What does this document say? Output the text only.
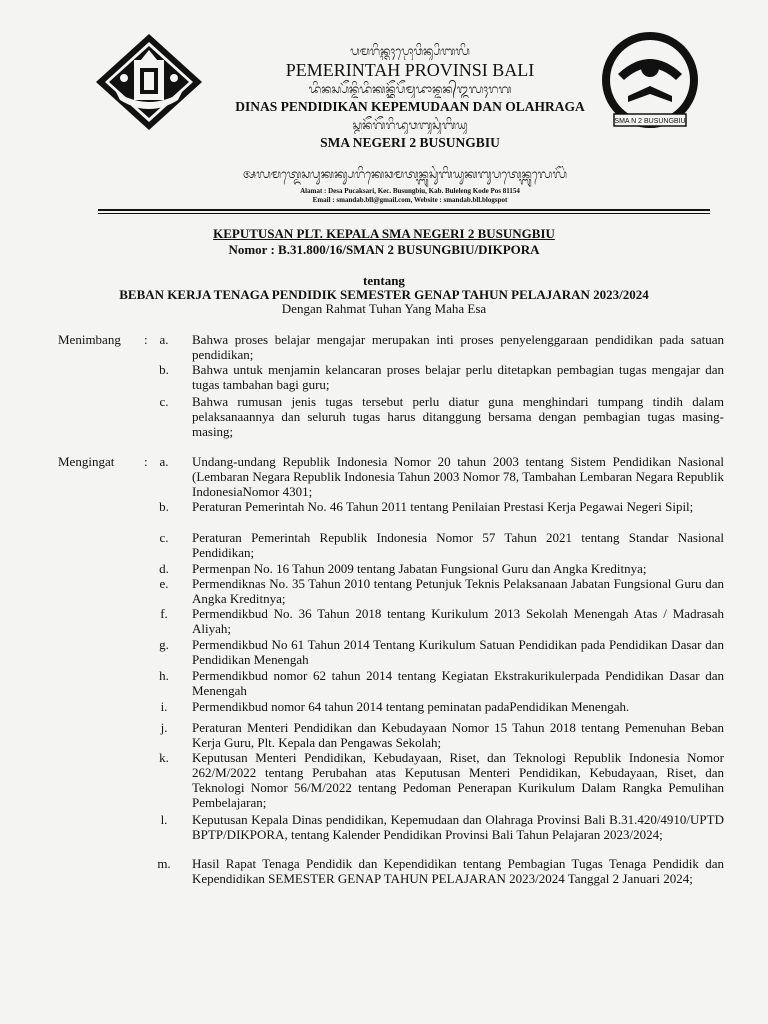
SMA N 2 BUSUNGBIU
ᬧᬫᬭᬶᬦ᭄ᬢᬄᬧ᭄ᬭᭀᬯᬶᬦ᭄ᬲᬶᬩᬮᬶ
PEMERINTAH PROVINSI BALI
ᬤᬶᬦᬲ᭄ᬧᭂᬦ᭄ᬤᬶᬤᬶᬓᬦ᭄ᬓᭂᬧᭂᬫᬸᬤᬵᬦ᭄ᬤᬦ᭄ᬑᬮᬄᬭᬕ
DINAS PENDIDIKAN KEPEMUDAAN DAN OLAHRAGA
ᬲ᭄ᬫᬦᭂᬕᭂᬭᬶᬤᬸᬯᬩᬸᬲᬸᬂᬩᬶᬬᬸ
SMA NEGERI 2 BUSUNGBIU
ᬅᬮᬫᬢ᭄ᬤᬾᬲᬧᬸᬓᬓ᭄ᬲᬭᬶᬓᬾᬘᬫᬢᬦ᭄ᬩᬸᬲᬸᬂᬩᬶᬬᬸᬓᬩᬸᬧᬢᬾᬦ᭄ᬩᬸᬮᬾᬮᭂᬂ
Alamat : Desa Pucaksari, Kec. Busungbiu, Kab. Buleleng Kode Pos 81154
Email : smandab.bll@gmail.com, Website : smandab.bll.blogspot
KEPUTUSAN PLT. KEPALA SMA NEGERI 2 BUSUNGBIU
Nomor : B.31.800/16/SMAN 2 BUSUNGBIU/DIKPORA
tentang
BEBAN KERJA TENAGA PENDIDIK SEMESTER GENAP TAHUN PELAJARAN 2023/2024
Dengan Rahmat Tuhan Yang Maha Esa
Menimbang : a.	Bahwa proses belajar mengajar merupakan inti proses penyelenggaraan pendidikan pada satuan pendidikan;
b.	Bahwa untuk menjamin kelancaran proses belajar perlu ditetapkan pembagian tugas mengajar dan tugas tambahan bagi guru;
c.	Bahwa rumusan jenis tugas tersebut perlu diatur guna menghindari tumpang tindih dalam pelaksanaannya dan seluruh tugas harus ditanggung bersama dengan pembagian tugas masing-masing;
Mengingat : a.	Undang-undang Republik Indonesia Nomor 20 tahun 2003 tentang Sistem Pendidikan Nasional (Lembaran Negara Republik Indonesia Tahun 2003 Nomor 78, Tambahan Lembaran Negara Republik IndonesiaNomor 4301;
b.	Peraturan Pemerintah No. 46 Tahun 2011 tentang Penilaian Prestasi Kerja Pegawai Negeri Sipil;
c.	Peraturan Pemerintah Republik Indonesia Nomor 57 Tahun 2021 tentang Standar Nasional Pendidikan;
d.	Permenpan No. 16 Tahun 2009 tentang Jabatan Fungsional Guru dan Angka Kreditnya;
e.	Permendiknas No. 35 Tahun 2010 tentang Petunjuk Teknis Pelaksanaan Jabatan Fungsional Guru dan Angka Kreditnya;
f.	Permendikbud No. 36 Tahun 2018 tentang Kurikulum 2013 Sekolah Menengah Atas / Madrasah Aliyah;
g.	Permendikbud No 61 Tahun 2014 Tentang Kurikulum Satuan Pendidikan pada Pendidikan Dasar dan Pendidikan Menengah
h.	Permendikbud nomor 62 tahun 2014 tentang Kegiatan Ekstrakurikulerpada Pendidikan Dasar dan Menengah
i.	Permendikbud nomor 64 tahun 2014 tentang peminatan padaPendidikan Menengah.
j.	Peraturan Menteri Pendidikan dan Kebudayaan Nomor 15 Tahun 2018 tentang Pemenuhan Beban Kerja Guru, Plt. Kepala dan Pengawas Sekolah;
k.	Keputusan Menteri Pendidikan, Kebudayaan, Riset, dan Teknologi Republik Indonesia Nomor 262/M/2022 tentang Perubahan atas Keputusan Menteri Pendidikan, Kebudayaan, Riset, dan Teknologi Nomor 56/M/2022 tentang Pedoman Penerapan Kurikulum Dalam Rangka Pemulihan Pembelajaran;
l.	Keputusan Kepala Dinas pendidikan, Kepemudaan dan Olahraga Provinsi Bali B.31.420/4910/UPTD BPTP/DIKPORA, tentang Kalender Pendidikan Provinsi Bali Tahun Pelajaran 2023/2024;
m.	Hasil Rapat Tenaga Pendidik dan Kependidikan tentang Pembagian Tugas Tenaga Pendidik dan Kependidikan SEMESTER GENAP TAHUN PELAJARAN 2023/2024 Tanggal 2 Januari 2024;
